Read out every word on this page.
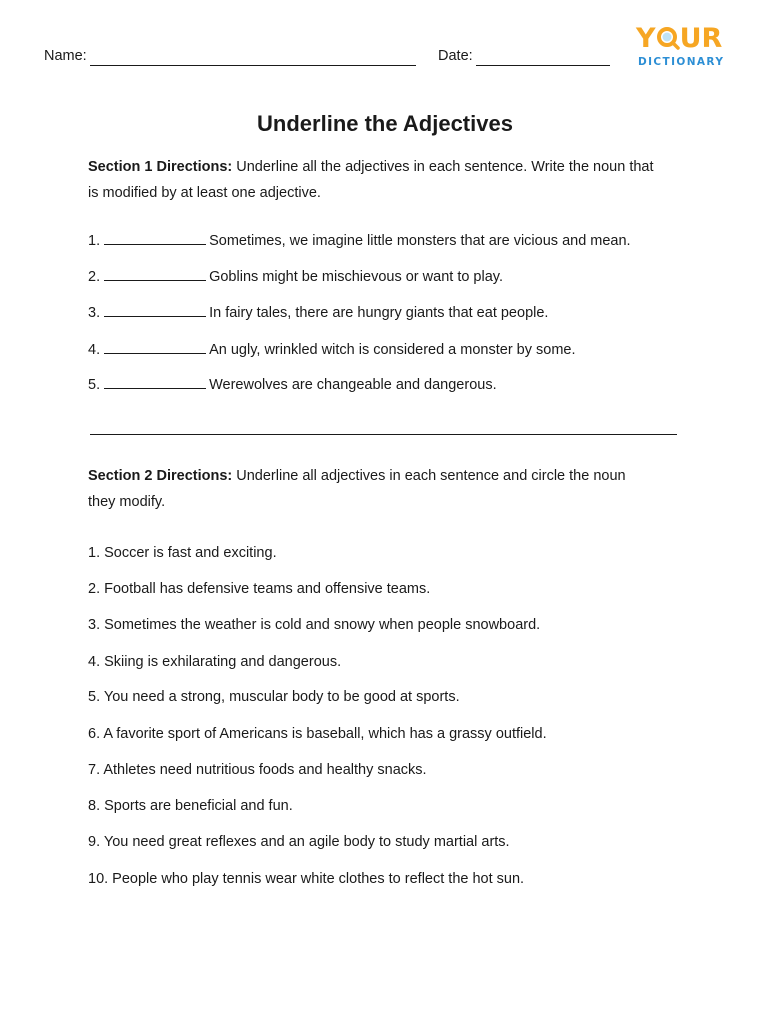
Name:	Date:
Y UR
DICTIONARY
Underline the Adjectives
Section 1 Directions: Underline all the adjectives in each sentence. Write the noun that
is modified by at least one adjective.
1.	Sometimes, we imagine little monsters that are vicious and mean.
2.	Goblins might be mischievous or want to play.
3.	In fairy tales, there are hungry giants that eat people.
4.	An ugly, wrinkled witch is considered a monster by some.
5.	Werewolves are changeable and dangerous.
Section 2 Directions: Underline all adjectives in each sentence and circle the noun
they modify.
1. Soccer is fast and exciting.
2. Football has defensive teams and offensive teams.
3. Sometimes the weather is cold and snowy when people snowboard.
4. Skiing is exhilarating and dangerous.
5. You need a strong, muscular body to be good at sports.
6. A favorite sport of Americans is baseball, which has a grassy outfield.
7. Athletes need nutritious foods and healthy snacks.
8. Sports are beneficial and fun.
9. You need great reflexes and an agile body to study martial arts.
10. People who play tennis wear white clothes to reflect the hot sun.
